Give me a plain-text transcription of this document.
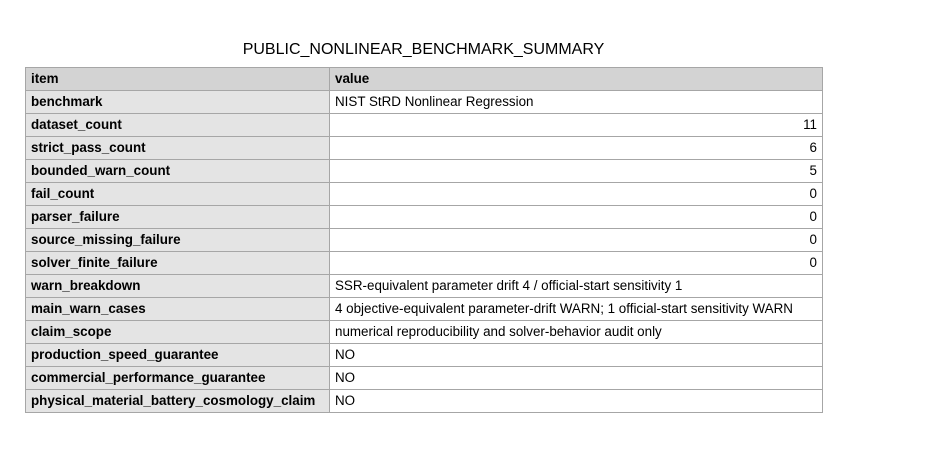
PUBLIC_NONLINEAR_BENCHMARK_SUMMARY
item	value
benchmark	NIST StRD Nonlinear Regression
dataset_count	11
strict_pass_count	6
bounded_warn_count	5
fail_count	0
parser_failure	0
source_missing_failure	0
solver_finite_failure	0
warn_breakdown	SSR-equivalent parameter drift 4 / official-start sensitivity 1
main_warn_cases	4 objective-equivalent parameter-drift WARN; 1 official-start sensitivity WARN
claim_scope	numerical reproducibility and solver-behavior audit only
production_speed_guarantee	NO
commercial_performance_guarantee	NO
physical_material_battery_cosmology_claim	NO
